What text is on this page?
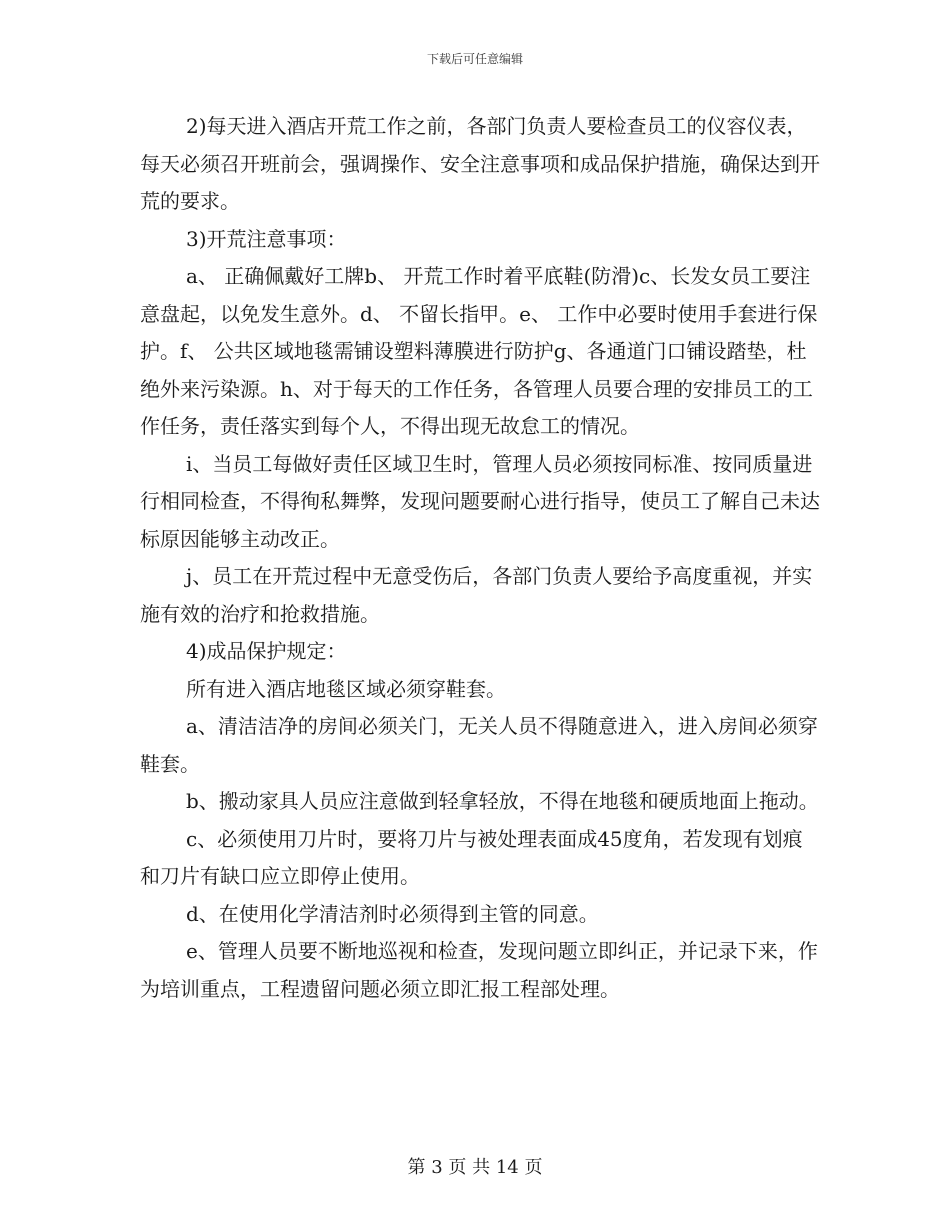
下载后可任意编辑

2)每天进入酒店开荒工作之前，各部门负责人要检查员工的仪容仪表，每天必须召开班前会，强调操作、安全注意事项和成品保护措施，确保达到开荒的要求。

3)开荒注意事项：

a、 正确佩戴好工牌b、 开荒工作时着平底鞋(防滑)c、长发女员工要注意盘起，以免发生意外。d、 不留长指甲。e、 工作中必要时使用手套进行保护。f、 公共区域地毯需铺设塑料薄膜进行防护g、各通道门口铺设踏垫，杜绝外来污染源。h、对于每天的工作任务，各管理人员要合理的安排员工的工作任务，责任落实到每个人，不得出现无故怠工的情况。

i、当员工每做好责任区域卫生时，管理人员必须按同标准、按同质量进行相同检查，不得徇私舞弊，发现问题要耐心进行指导，使员工了解自己未达标原因能够主动改正。

j、员工在开荒过程中无意受伤后，各部门负责人要给予高度重视，并实施有效的治疗和抢救措施。

4)成品保护规定：

所有进入酒店地毯区域必须穿鞋套。

a、清洁洁净的房间必须关门，无关人员不得随意进入，进入房间必须穿鞋套。

b、搬动家具人员应注意做到轻拿轻放，不得在地毯和硬质地面上拖动。

c、必须使用刀片时，要将刀片与被处理表面成45度角，若发现有划痕和刀片有缺口应立即停止使用。

d、在使用化学清洁剂时必须得到主管的同意。

e、管理人员要不断地巡视和检查，发现问题立即纠正，并记录下来，作为培训重点，工程遗留问题必须立即汇报工程部处理。

第 3 页 共 14 页
